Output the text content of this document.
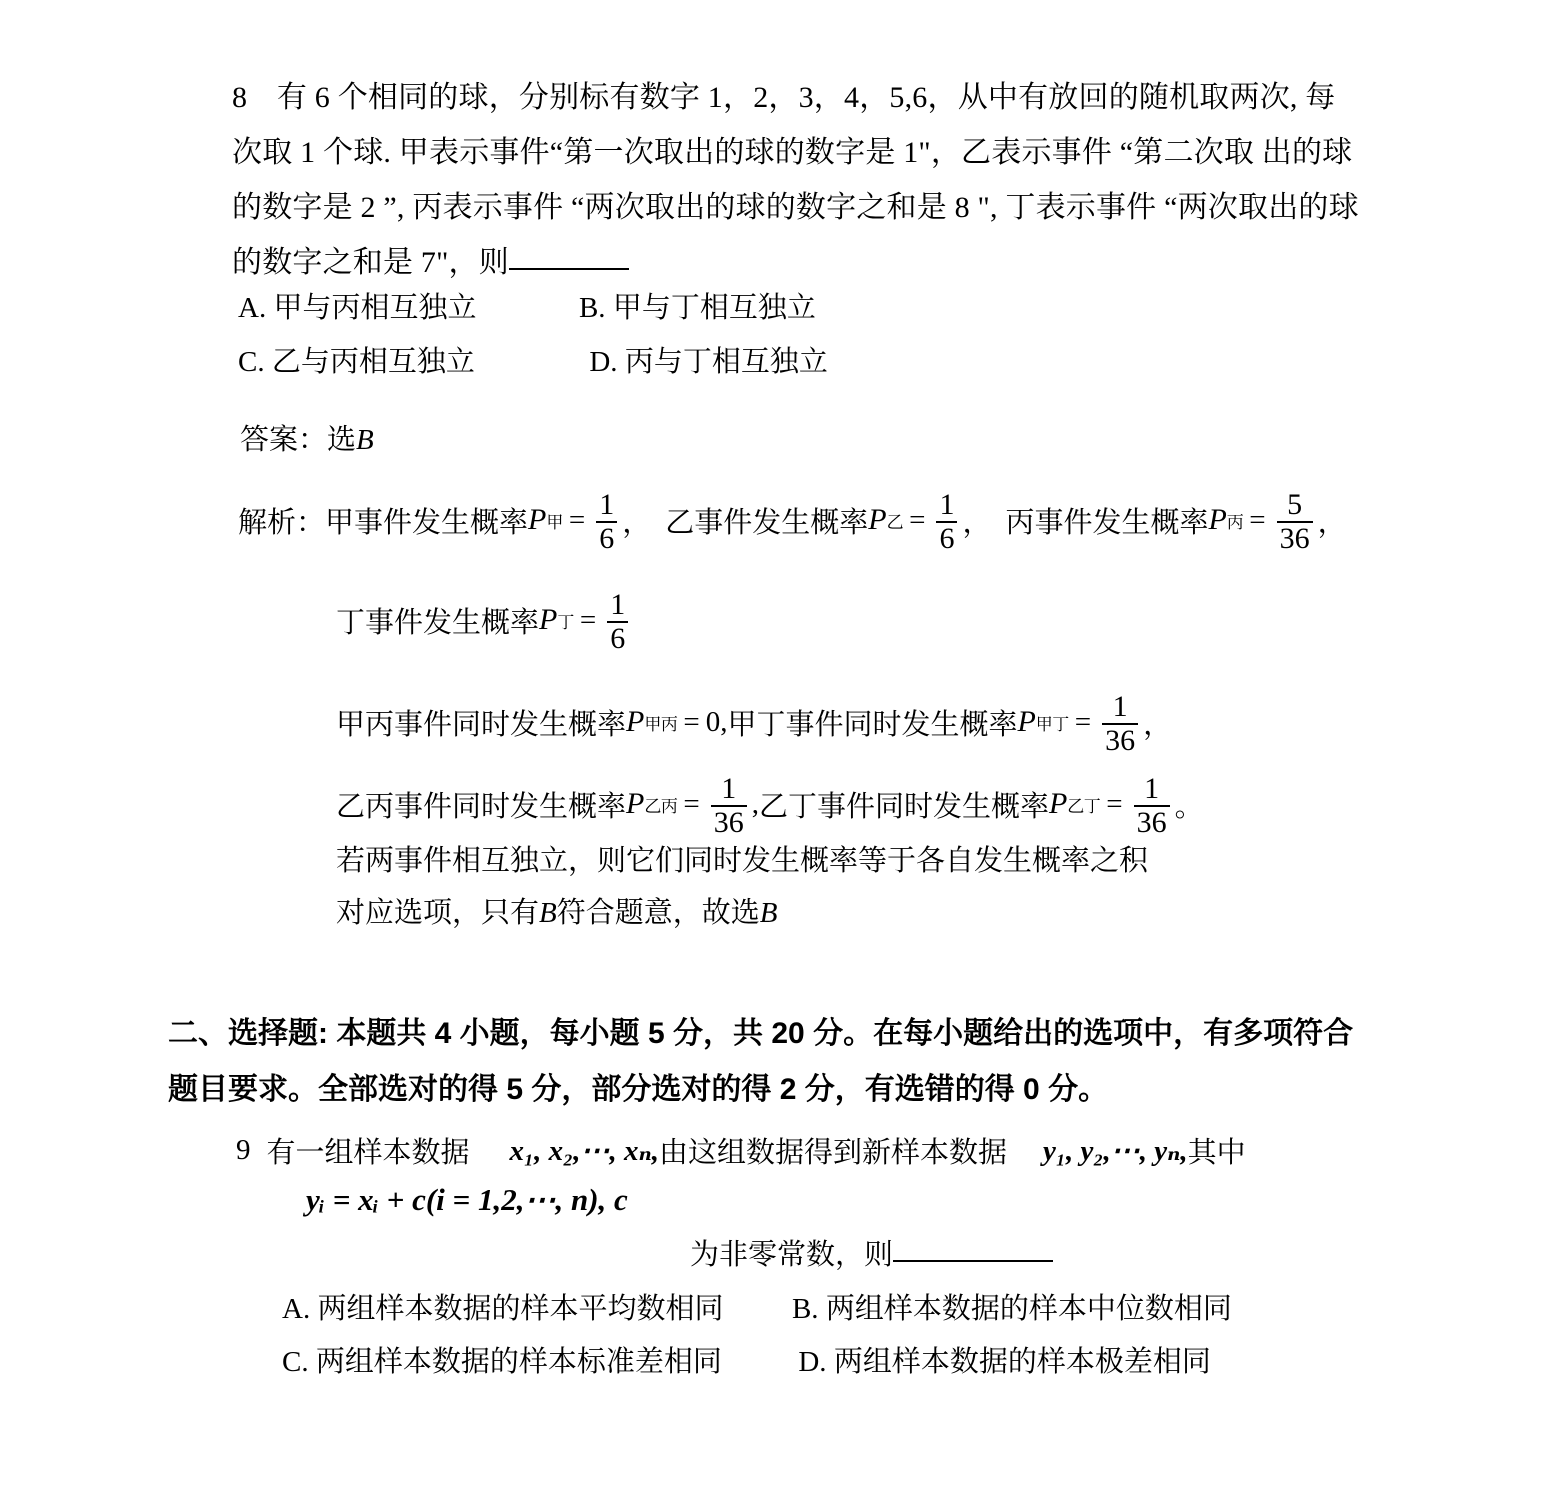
8 有 6 个相同的球，分别标有数字 1，2，3，4，5,6，从中有放回的随机取两次, 每
次取 1 个球. 甲表示事件“第一次取出的球的数字是 1"，乙表示事件 “第二次取 出的球
的数字是 2 ”, 丙表示事件 “两次取出的球的数字之和是 8 ", 丁表示事件 “两次取出的球
的数字之和是 7"，则
A. 甲与丙相互独立	B. 甲与丁相互独立
C. 乙与丙相互独立	D. 丙与丁相互独立
答案：选B
解析： 甲事件发生概率 P 甲 = $\frac{1}{6}$ ， 乙事件发生概率 P 乙 = $\frac{1}{6}$ ， 丙事件发生概率 P 丙 = $\frac{5}{36}$ ，
丁事件发生概率 P 丁 = $\frac{1}{6}$
甲丙事件同时发生概率 P 甲丙 = 0, 甲丁事件同时发生概率 P 甲丁 = $\frac{1}{36}$ ，
乙丙事件同时发生概率 P 乙丙 = $\frac{1}{36}$ , 乙丁事件同时发生概率 P 乙丁 = $\frac{1}{36}$ 。
若两事件相互独立，则它们同时发生概率等于各自发生概率之积
对应选项，只有B符合题意，故选B
二、选择题: 本题共 4 小题，每小题 5 分，共 20 分。在每小题给出的选项中，有多项符合
题目要求。全部选对的得 5 分，部分选对的得 2 分，有选错的得 0 分。
9 有一组样本数据 x₁, x₂,⋯, xₙ, 由这组数据得到新样本数据 y₁, y₂,⋯, yₙ, 其中
yᵢ = xᵢ + c(i = 1,2,⋯, n), c
为非零常数，则
A. 两组样本数据的样本平均数相同 B. 两组样本数据的样本中位数相同
C. 两组样本数据的样本标准差相同	D. 两组样本数据的样本极差相同
